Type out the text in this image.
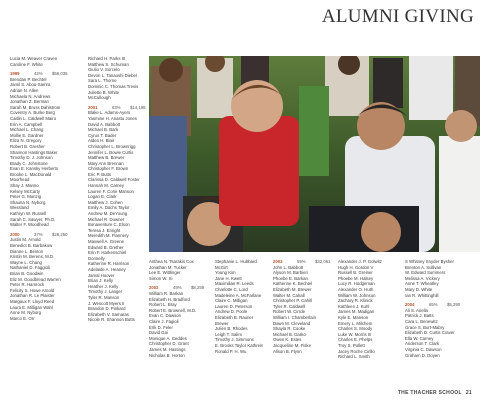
ALUMNI GIVING
Lucia M. Weaver Craven
Caroline F. White
1999	42% $56,035
Brendan P. Bechtel
Jamil S. Abou-Samra
Adrian N. Allen
Michaela N. Andrews
Jonathan Z. Berman
Sarah M. Bruss Dahlstrom
Coventry A. Burke Berg
Caitlin L. Caldwell Mairo
Erin A. Campbell
Michael L. Chang
Mollie E. Gardner
Eliza N. Gregory
Robert B. Gresher
Shannon Hastings Baker
Timothy D. J. Johnson
Brady C. Johnstone
Evan E. Kansky Herberts
Brooke L. MacDonald
Moorhead
Shay J. Manno
Kelsey McCarty
Peter G. Munzig
Shauna N. Nyborg
Wessland
Kathryn W. Russell
Sarah C. Sawyer, Ph.D.
Walter F. Woodhead
2000	37% $28,250
Justin M. Arnold
Benedict B. Barbakow
Dianne L. Benton
Kristin M. Berens, M.D.
Wayne L. Chang
Nathaniel D. Faggioli
Brian B. Goodwin
Eliz M. Goodbread Warren
Peter R. Hamrock
Felicity S. Howe Arnold
Jonathan R. Le Plaister
Margaux F. Lloyd Reed
Laura E. Milligan Wahl
Anne M. Nyborg
Marco E. Orr
Richard H. Parks III
Matthew S. Schuman
Giulio V. Sorcelo
Devon L. Tanaoshi Diebel
Sara L. Thorne
Dominic C. Thomas Trevis
Juliette B. White
McCullough
2001	63% $14,198
Blake L. Adams-Ayers
Yasmine H. Anastu Jones
David A. Babbott
Michael B. Bark
Cyrus T. Bader
Alden H. Blair
Christopher L. Brownrigg
Jennifer L. Bowie Curtis
Matthew B. Brewer
Mary Ann Brennan
Christopher F. Brown
Eric P. Butts
Clarissa D. Caldwell Foster
Hannah M. Carney
Lauren F. Corie Manson
Logan E. Clark
Matthew J. Cohen
Emily A. Dachs Taylor
Andrew M. DeYoung
Michael R. Downer
Bonaventure C. Elson
Teresa J. Enright
Meredith M. Flannery
Maxwell A. Greene
Edward B. Grether
Erin F. Harkenschiel
Donnelly
Katherine R. Harrison
Adelaide A. Heaney
Jamal Hoover
Brian J. Kelly
Heather J. Kelly
Timothy J. Langer
Tyler R. Manson
J. Wescott Myers II
Brandon D. Pinkard
Elizabeth V. Samaras
Nicole R. Shannon Butts
Anthea N. Tsarakis Cox
Jonathan M. Tucker
Lee E. Wittlinger
Simon W. Xi
2002	49% $8,259
William R. Barkan
Elizabeth H. Bradford
Robert L. Bray
Robert E. Brownell, M.D.
Evan C. Dawson
Claire J. Fagioli
Erik D. Feler
David Gai
Monique A. Geddes
Christopher D. Grant
James M. Hastings
Nicholas B. Horton
Stephanie L. Hubbard
McGirt
Young Kim
Jane H. Kwett
Maximilian R. Leeds
Charlotte C. Lord
Madeleine A. McFarlane
Claire C. Milligan
Lauren D. Peterson
Andrew D. Poole
Elizabeth B. Rauner
Brewer
Julien B. Rhodes
Leigh T. Salim
Timothy J. Simmons
E. Brooks Taylor Kathrein
Ronald P. H. Wu
2003	59% $32,061
John L. Babbott
Alyson M. Barbieri
Phoebe E. Barkan
Katherine K. Bechtel
Elizabeth M. Brewer
Walter M. Cahall
Christopher P. Cahill
Tyler R. Caldwell
Robert W. Cirrde
William I. Chamberlain
Dawn M. Cleveland
Shayla R. Cooke
Michael B. Darko
Owen K. Estes
Jacqueline M. Fiske
Alison B. Flynn
Alexander J. P. Golwitz
Hugh H. Gordon V
Russell B. Greiner
Phoebe M. Halsey
Lucy R. Hodgeman
Alexander O. Huth
William W. Johnson
Zachary R. Klinick
Kathleen J. Kuhl
James M. Madigan
Kyle E. Manson
Emery L. Milchem
Charles S. Moody
Luke W. Morris III
Charles E. Phelps
Troy S. Pollett
Jacey Roche Cirillo
Richard L. Smith
S Whitney Snyder Bysher
Brenton A. Sullivan
W. Edward Summers
Melissa A. Vickery
Anne T. Wheatley
Mary D. White
Ian R. Whittinghill
2004	65% $5,290
Ali S. Ariella
Patrick J. Batts
Cara L. Benewitz
Grace S. Burt-Mabry
Elizabeth D. Curtis Craver
Ella W. Carney
Anderson T. Clark
Virginia C. Dawson
Graham D. Doyen
THE THACHER SCHOOL 21
